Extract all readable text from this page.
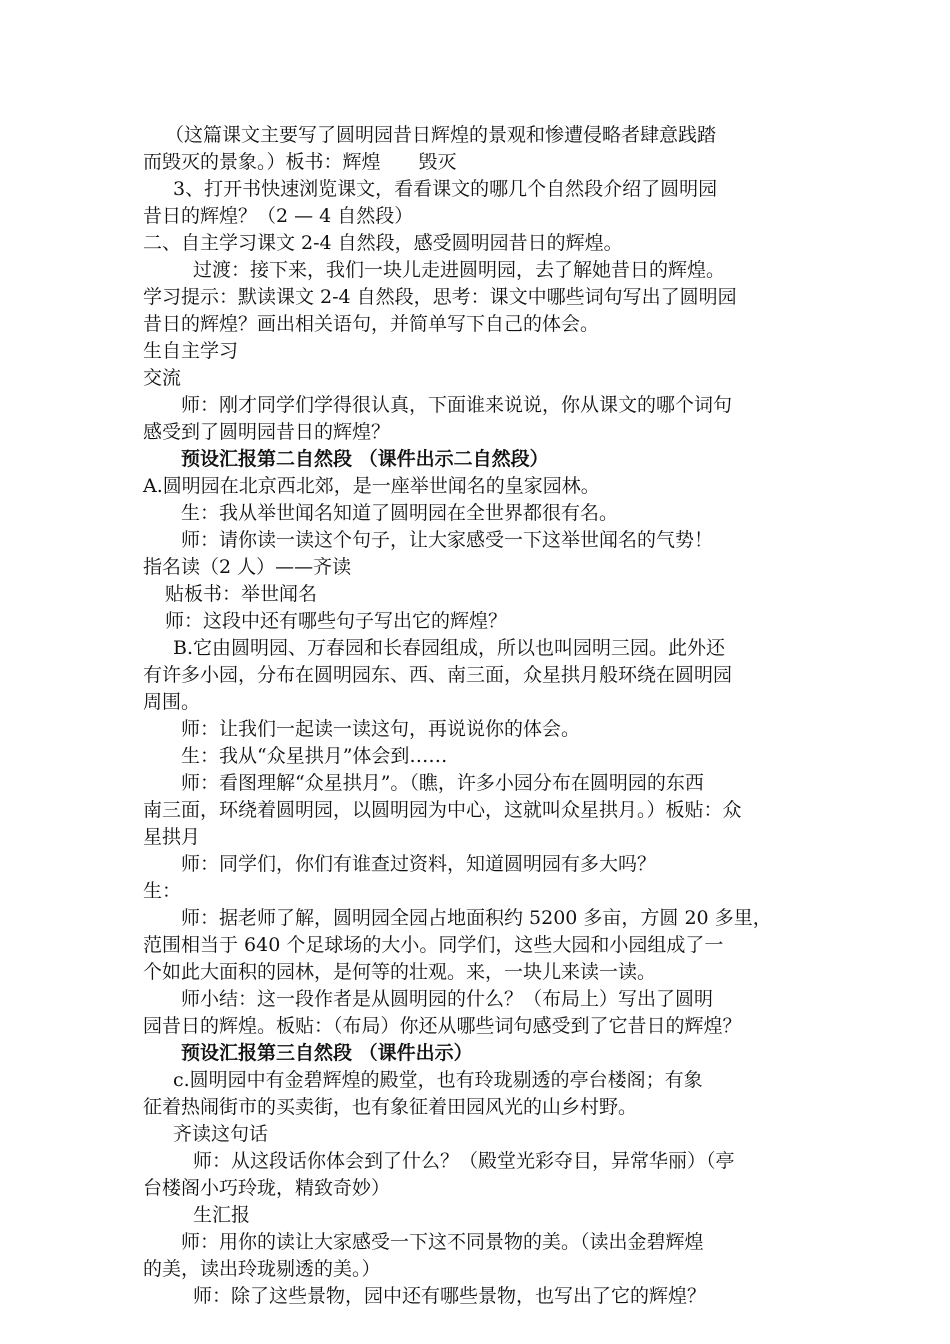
（这篇课文主要写了圆明园昔日辉煌的景观和惨遭侵略者肆意践踏
而毁灭的景象。）板书：辉煌　　毁灭
3、打开书快速浏览课文，看看课文的哪几个自然段介绍了圆明园
昔日的辉煌？（2 — 4 自然段）
二、自主学习课文 2-4 自然段，感受圆明园昔日的辉煌。
过渡：接下来，我们一块儿走进圆明园，去了解她昔日的辉煌。
学习提示：默读课文 2-4 自然段，思考：课文中哪些词句写出了圆明园
昔日的辉煌？画出相关语句，并简单写下自己的体会。
生自主学习
交流
师：刚才同学们学得很认真，下面谁来说说，你从课文的哪个词句
感受到了圆明园昔日的辉煌？
预设汇报第二自然段 （课件出示二自然段）
A.圆明园在北京西北郊，是一座举世闻名的皇家园林。
生：我从举世闻名知道了圆明园在全世界都很有名。
师：请你读一读这个句子，让大家感受一下这举世闻名的气势！
指名读（2 人）——齐读
贴板书：举世闻名
师：这段中还有哪些句子写出它的辉煌？
B.它由圆明园、万春园和长春园组成，所以也叫园明三园。此外还
有许多小园，分布在圆明园东、西、南三面，众星拱月般环绕在圆明园
周围。
师：让我们一起读一读这句，再说说你的体会。
生：我从“众星拱月”体会到……
师：看图理解“众星拱月”。（瞧，许多小园分布在圆明园的东西
南三面，环绕着圆明园，以圆明园为中心，这就叫众星拱月。）板贴：众
星拱月
师：同学们，你们有谁查过资料，知道圆明园有多大吗？
生：
师：据老师了解，圆明园全园占地面积约 5200 多亩，方圆 20 多里，
范围相当于 640 个足球场的大小。同学们，这些大园和小园组成了一
个如此大面积的园林，是何等的壮观。来，一块儿来读一读。
师小结：这一段作者是从圆明园的什么？（布局上）写出了圆明
园昔日的辉煌。板贴：（布局）你还从哪些词句感受到了它昔日的辉煌？
预设汇报第三自然段 （课件出示）
c.圆明园中有金碧辉煌的殿堂，也有玲珑剔透的亭台楼阁；有象
征着热闹街市的买卖街，也有象征着田园风光的山乡村野。
齐读这句话
师：从这段话你体会到了什么？（殿堂光彩夺目，异常华丽）（亭
台楼阁小巧玲珑，精致奇妙）
生汇报
师：用你的读让大家感受一下这不同景物的美。（读出金碧辉煌
的美，读出玲珑剔透的美。）
师：除了这些景物，园中还有哪些景物，也写出了它的辉煌？
